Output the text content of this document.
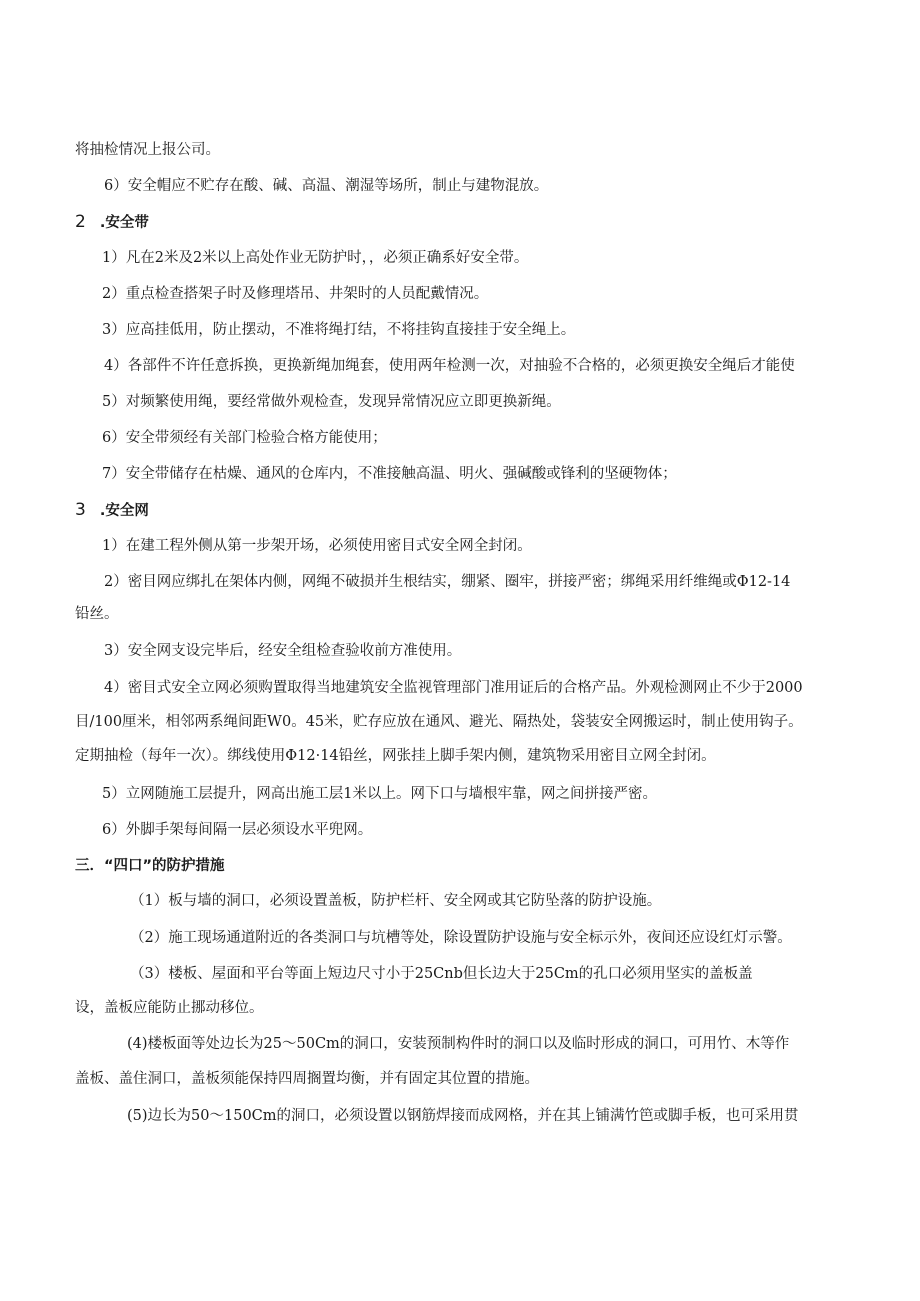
将抽检情况上报公司。
6）安全帽应不贮存在酸、碱、高温、潮湿等场所，制止与建物混放。
2 .安全带
1）凡在2米及2米以上高处作业无防护时，，必须正确系好安全带。
2）重点检查搭架子时及修理塔吊、井架时的人员配戴情况。
3）应高挂低用，防止摆动，不准将绳打结，不将挂钩直接挂于安全绳上。
4）各部件不许任意拆换，更换新绳加绳套，使用两年检测一次，对抽验不合格的，必须更换安全绳后才能使
5）对频繁使用绳，要经常做外观检查，发现异常情况应立即更换新绳。
6）安全带须经有关部门检验合格方能使用；
7）安全带储存在枯燥、通风的仓库内，不准接触高温、明火、强碱酸或锋利的坚硬物体；
3 .安全网
1）在建工程外侧从第一步架开场，必须使用密目式安全网全封闭。
2）密目网应绑扎在架体内侧，网绳不破损并生根结实，绷紧、圈牢，拼接严密；绑绳采用纤维绳或Φ12-14
铅丝。
3）安全网支设完毕后，经安全组检查验收前方准使用。
4）密目式安全立网必须购置取得当地建筑安全监视管理部门准用证后的合格产品。外观检测网止不少于2000
目/100厘米，相邻两系绳间距W0。45米，贮存应放在通风、避光、隔热处，袋装安全网搬运时，制止使用钩子。
定期抽检（每年一次）。绑线使用Φ12·14铅丝，网张挂上脚手架内侧，建筑物采用密目立网全封闭。
5）立网随施工层提升，网高出施工层1米以上。网下口与墙根牢靠，网之间拼接严密。
6）外脚手架每间隔一层必须设水平兜网。
三．“四口”的防护措施
（1）板与墙的洞口，必须设置盖板，防护栏杆、安全网或其它防坠落的防护设施。
（2）施工现场通道附近的各类洞口与坑槽等处，除设置防护设施与安全标示外，夜间还应设红灯示警。
（3）楼板、屋面和平台等面上短边尺寸小于25Cnb但长边大于25Cm的孔口必须用坚实的盖板盖
设，盖板应能防止挪动移位。
(4)楼板面等处边长为25～50Cm的洞口，安装预制构件时的洞口以及临时形成的洞口，可用竹、木等作
盖板、盖住洞口，盖板须能保持四周搁置均衡，并有固定其位置的措施。
(5)边长为50～150Cm的洞口，必须设置以钢筋焊接而成网格，并在其上铺满竹笆或脚手板，也可采用贯
